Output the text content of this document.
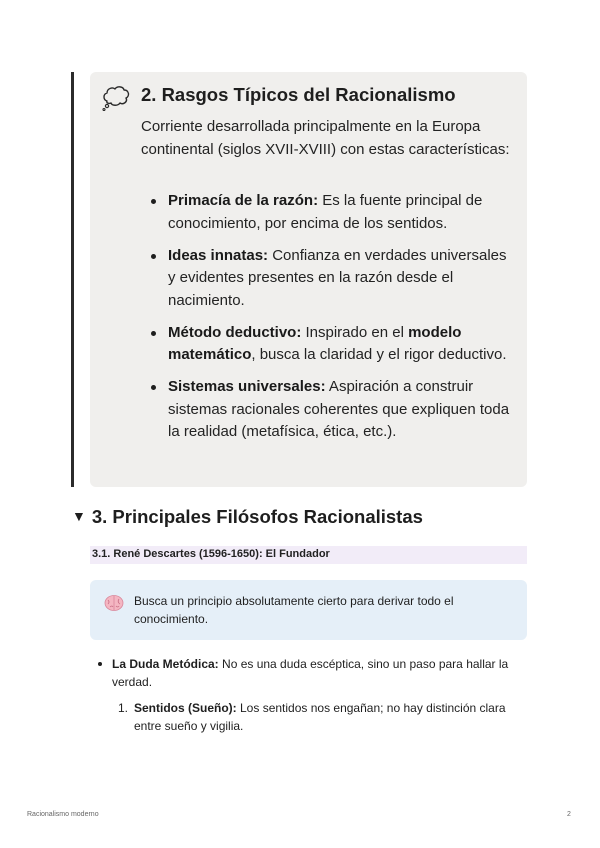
2. Rasgos Típicos del Racionalismo
Corriente desarrollada principalmente en la Europa continental (siglos XVII-XVIII) con estas características:
Primacía de la razón: Es la fuente principal de conocimiento, por encima de los sentidos.
Ideas innatas: Confianza en verdades universales y evidentes presentes en la razón desde el nacimiento.
Método deductivo: Inspirado en el modelo matemático, busca la claridad y el rigor deductivo.
Sistemas universales: Aspiración a construir sistemas racionales coherentes que expliquen toda la realidad (metafísica, ética, etc.).
▼ 3. Principales Filósofos Racionalistas
3.1. René Descartes (1596-1650): El Fundador
Busca un principio absolutamente cierto para derivar todo el conocimiento.
La Duda Metódica: No es una duda escéptica, sino un paso para hallar la verdad.
1. Sentidos (Sueño): Los sentidos nos engañan; no hay distinción clara entre sueño y vigilia.
Racionalismo moderno	2
